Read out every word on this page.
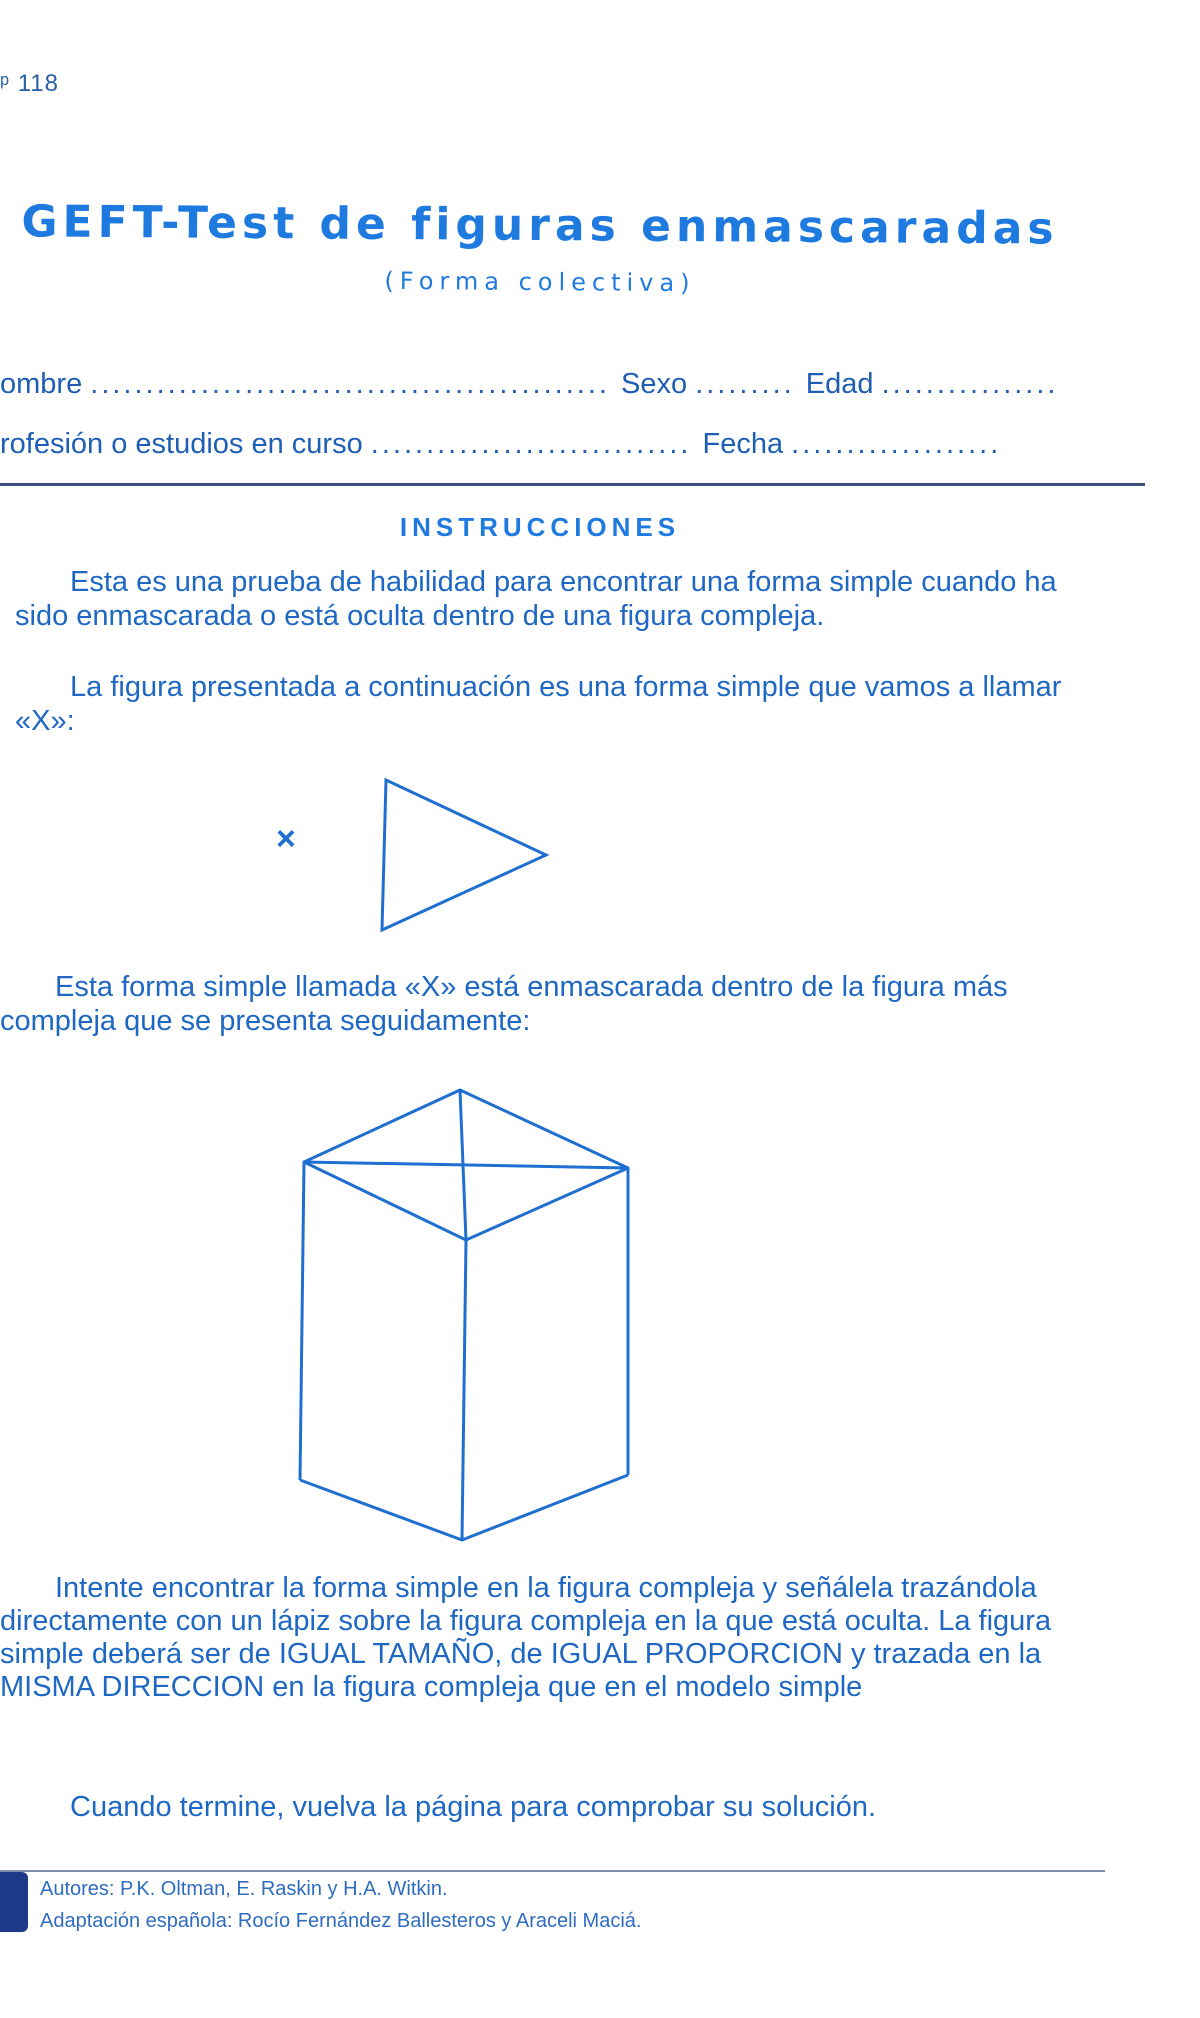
ᵖ 118
GEFT-Test de figuras enmascaradas
(Forma colectiva)
ombre ............................................... Sexo ......... Edad ................
rofesión o estudios en curso ............................. Fecha ...................
INSTRUCCIONES
Esta es una prueba de habilidad para encontrar una forma simple cuando ha sido enmascarada o está oculta dentro de una figura compleja.
La figura presentada a continuación es una forma simple que vamos a llamar «X»:
×
Esta forma simple llamada «X» está enmascarada dentro de la figura más compleja que se presenta seguidamente:
Intente encontrar la forma simple en la figura compleja y señálela trazándola directamente con un lápiz sobre la figura compleja en la que está oculta. La figura simple deberá ser de IGUAL TAMAÑO, de IGUAL PROPORCION y trazada en la MISMA DIRECCION en la figura compleja que en el modelo simple
Cuando termine, vuelva la página para comprobar su solución.
Autores: P.K. Oltman, E. Raskin y H.A. Witkin.
Adaptación española: Rocío Fernández Ballesteros y Araceli Maciá.
